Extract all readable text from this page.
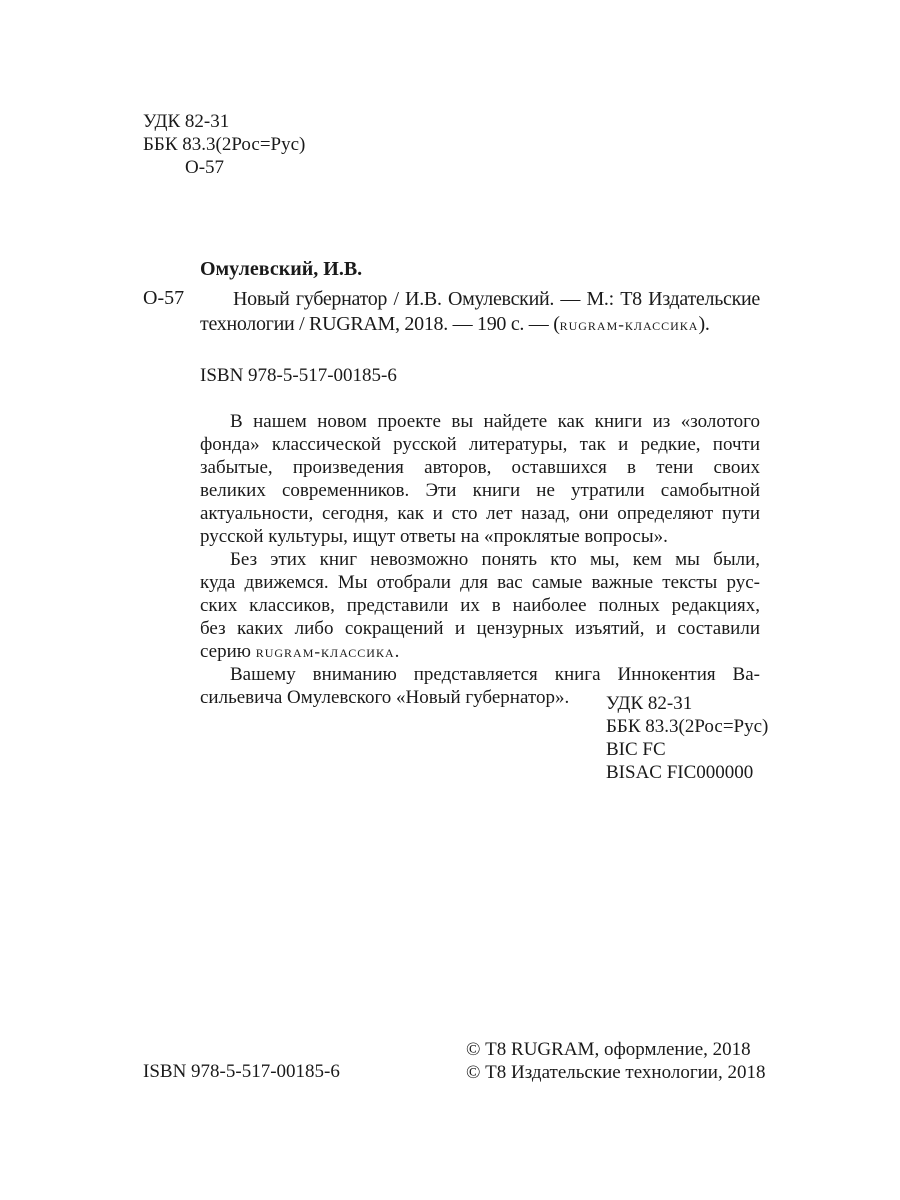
УДК 82-31
ББК 83.3(2Рос=Рус)
О-57
Омулевский, И.В.
О-57 Новый губернатор / И.В. Омулевский. — М.: Т8 Издательские
технологии / RUGRAM, 2018. — 190 с. — (rugram-классика).
ISBN 978-5-517-00185-6
В нашем новом проекте вы найдете как книги из «золотого
фонда» классической русской литературы, так и редкие, почти
забытые, произведения авторов, оставшихся в тени своих
великих современников. Эти книги не утратили самобытной
актуальности, сегодня, как и сто лет назад, они определяют пути
русской культуры, ищут ответы на «проклятые вопросы».
Без этих книг невозможно понять кто мы, кем мы были,
куда движемся. Мы отобрали для вас самые важные тексты рус-
ских классиков, представили их в наиболее полных редакциях,
без каких либо сокращений и цензурных изъятий, и составили
серию rugram-классика.
Вашему вниманию представляется книга Иннокентия Ва-
сильевича Омулевского «Новый губернатор».	УДК 82-31
ББК 83.3(2Рос=Рус)
BIC FC
BISAC FIC000000
ISBN 978-5-517-00185-6
© Т8 RUGRAM, оформление, 2018
© Т8 Издательские технологии, 2018
